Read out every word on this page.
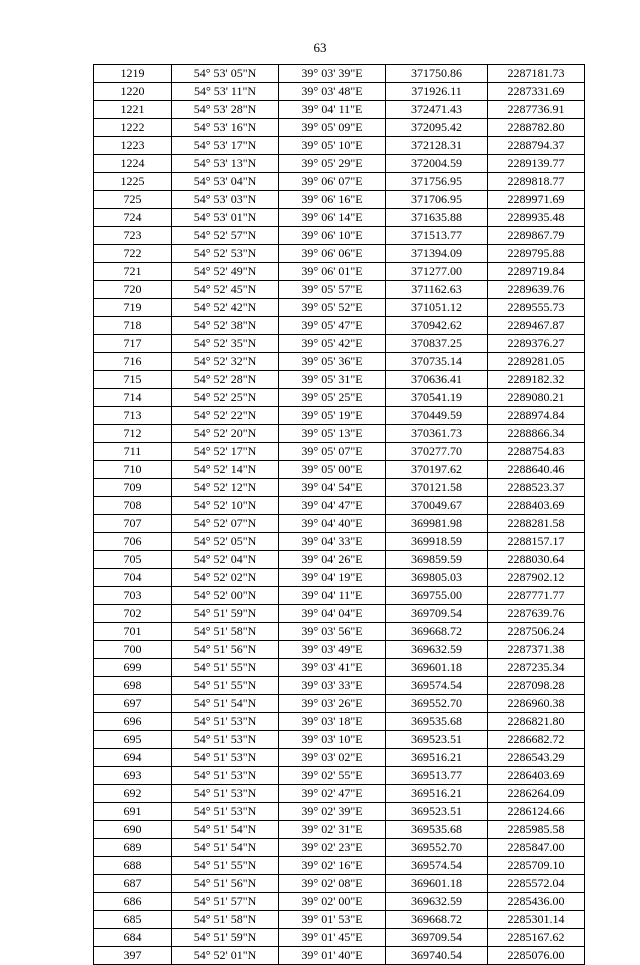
63
1219	54° 53' 05"N	39° 03' 39"E	371750.86	2287181.73
1220	54° 53' 11"N	39° 03' 48"E	371926.11	2287331.69
1221	54° 53' 28"N	39° 04' 11"E	372471.43	2287736.91
1222	54° 53' 16"N	39° 05' 09"E	372095.42	2288782.80
1223	54° 53' 17"N	39° 05' 10"E	372128.31	2288794.37
1224	54° 53' 13"N	39° 05' 29"E	372004.59	2289139.77
1225	54° 53' 04"N	39° 06' 07"E	371756.95	2289818.77
725	54° 53' 03"N	39° 06' 16"E	371706.95	2289971.69
724	54° 53' 01"N	39° 06' 14"E	371635.88	2289935.48
723	54° 52' 57"N	39° 06' 10"E	371513.77	2289867.79
722	54° 52' 53"N	39° 06' 06"E	371394.09	2289795.88
721	54° 52' 49"N	39° 06' 01"E	371277.00	2289719.84
720	54° 52' 45"N	39° 05' 57"E	371162.63	2289639.76
719	54° 52' 42"N	39° 05' 52"E	371051.12	2289555.73
718	54° 52' 38"N	39° 05' 47"E	370942.62	2289467.87
717	54° 52' 35"N	39° 05' 42"E	370837.25	2289376.27
716	54° 52' 32"N	39° 05' 36"E	370735.14	2289281.05
715	54° 52' 28"N	39° 05' 31"E	370636.41	2289182.32
714	54° 52' 25"N	39° 05' 25"E	370541.19	2289080.21
713	54° 52' 22"N	39° 05' 19"E	370449.59	2288974.84
712	54° 52' 20"N	39° 05' 13"E	370361.73	2288866.34
711	54° 52' 17"N	39° 05' 07"E	370277.70	2288754.83
710	54° 52' 14"N	39° 05' 00"E	370197.62	2288640.46
709	54° 52' 12"N	39° 04' 54"E	370121.58	2288523.37
708	54° 52' 10"N	39° 04' 47"E	370049.67	2288403.69
707	54° 52' 07"N	39° 04' 40"E	369981.98	2288281.58
706	54° 52' 05"N	39° 04' 33"E	369918.59	2288157.17
705	54° 52' 04"N	39° 04' 26"E	369859.59	2288030.64
704	54° 52' 02"N	39° 04' 19"E	369805.03	2287902.12
703	54° 52' 00"N	39° 04' 11"E	369755.00	2287771.77
702	54° 51' 59"N	39° 04' 04"E	369709.54	2287639.76
701	54° 51' 58"N	39° 03' 56"E	369668.72	2287506.24
700	54° 51' 56"N	39° 03' 49"E	369632.59	2287371.38
699	54° 51' 55"N	39° 03' 41"E	369601.18	2287235.34
698	54° 51' 55"N	39° 03' 33"E	369574.54	2287098.28
697	54° 51' 54"N	39° 03' 26"E	369552.70	2286960.38
696	54° 51' 53"N	39° 03' 18"E	369535.68	2286821.80
695	54° 51' 53"N	39° 03' 10"E	369523.51	2286682.72
694	54° 51' 53"N	39° 03' 02"E	369516.21	2286543.29
693	54° 51' 53"N	39° 02' 55"E	369513.77	2286403.69
692	54° 51' 53"N	39° 02' 47"E	369516.21	2286264.09
691	54° 51' 53"N	39° 02' 39"E	369523.51	2286124.66
690	54° 51' 54"N	39° 02' 31"E	369535.68	2285985.58
689	54° 51' 54"N	39° 02' 23"E	369552.70	2285847.00
688	54° 51' 55"N	39° 02' 16"E	369574.54	2285709.10
687	54° 51' 56"N	39° 02' 08"E	369601.18	2285572.04
686	54° 51' 57"N	39° 02' 00"E	369632.59	2285436.00
685	54° 51' 58"N	39° 01' 53"E	369668.72	2285301.14
684	54° 51' 59"N	39° 01' 45"E	369709.54	2285167.62
397	54° 52' 01"N	39° 01' 40"E	369740.54	2285076.00
